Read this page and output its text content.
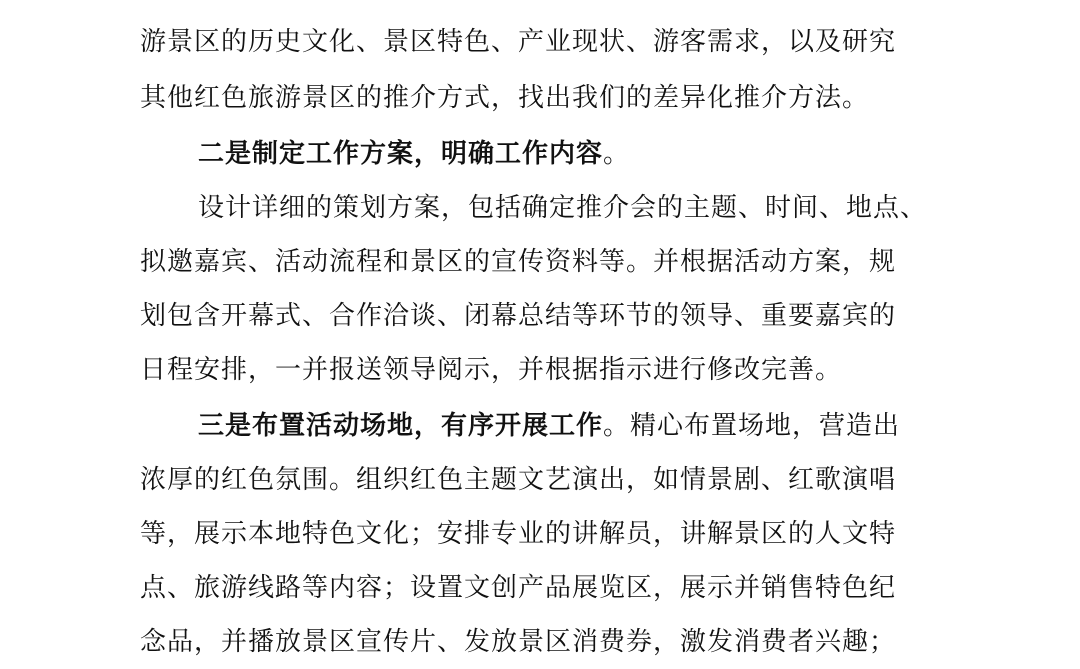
游景区的历史文化、景区特色、产业现状、游客需求，以及研究
其他红色旅游景区的推介方式，找出我们的差异化推介方法。
二是制定工作方案，明确工作内容。
设计详细的策划方案，包括确定推介会的主题、时间、地点、
拟邀嘉宾、活动流程和景区的宣传资料等。并根据活动方案，规
划包含开幕式、合作洽谈、闭幕总结等环节的领导、重要嘉宾的
日程安排，一并报送领导阅示，并根据指示进行修改完善。
三是布置活动场地，有序开展工作。精心布置场地，营造出
浓厚的红色氛围。组织红色主题文艺演出，如情景剧、红歌演唱
等，展示本地特色文化；安排专业的讲解员，讲解景区的人文特
点、旅游线路等内容；设置文创产品展览区，展示并销售特色纪
念品，并播放景区宣传片、发放景区消费券，激发消费者兴趣；
